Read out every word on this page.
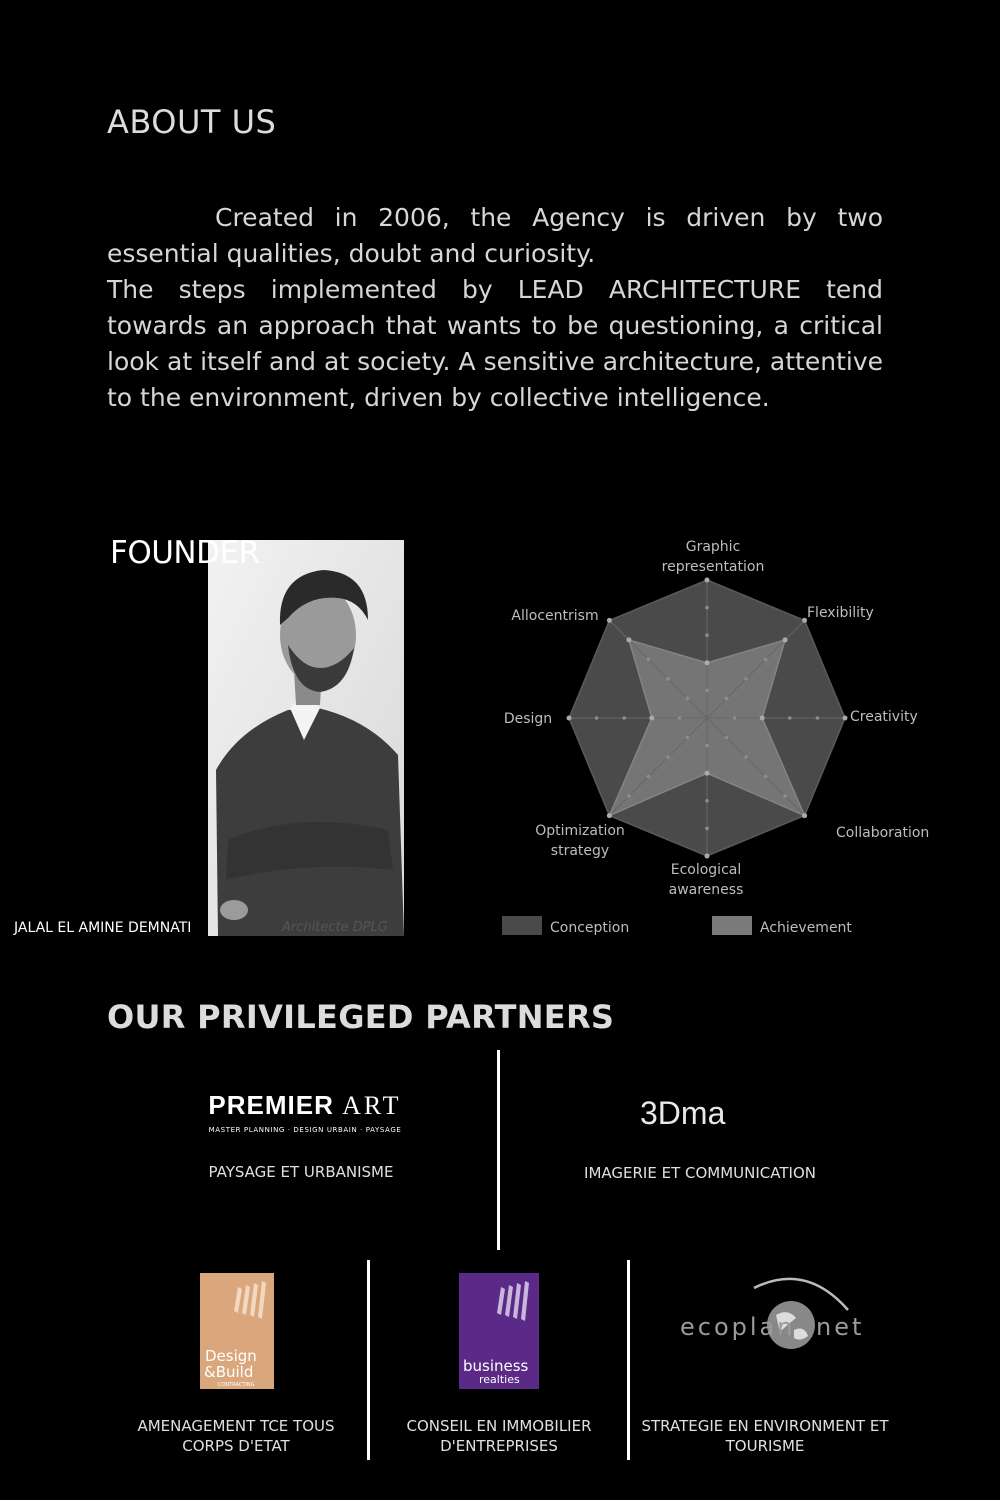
ABOUT US

Created in 2006, the Agency is driven by two essential qualities, doubt and curiosity.

The steps implemented by LEAD ARCHITECTURE tend towards an approach that wants to be questioning, a critical look at itself and at society. A sensitive architecture, attentive to the environment, driven by collective intelligence.

FOUNDER
JALAL EL AMINE DEMNATI	Architecte DPLG
Graphic
representation
Flexibility
Creativity
Collaboration
Ecological
awareness
Optimization
strategy
Design
Allocentrism
Conception	Achievement
OUR PRIVILEGED PARTNERS
PREMIER ART
MASTER PLANNING · DESIGN URBAIN · PAYSAGE
PAYSAGE ET URBANISME
3Dma
IMAGERIE ET COMMUNICATION
Design
&Build
CONTRACTING
AMENAGEMENT TCE TOUS
CORPS D'ETAT
business
realties
CONSEIL EN IMMOBILIER
D'ENTREPRISES
ecoplan net
STRATEGIE EN ENVIRONMENT ET
TOURISME
